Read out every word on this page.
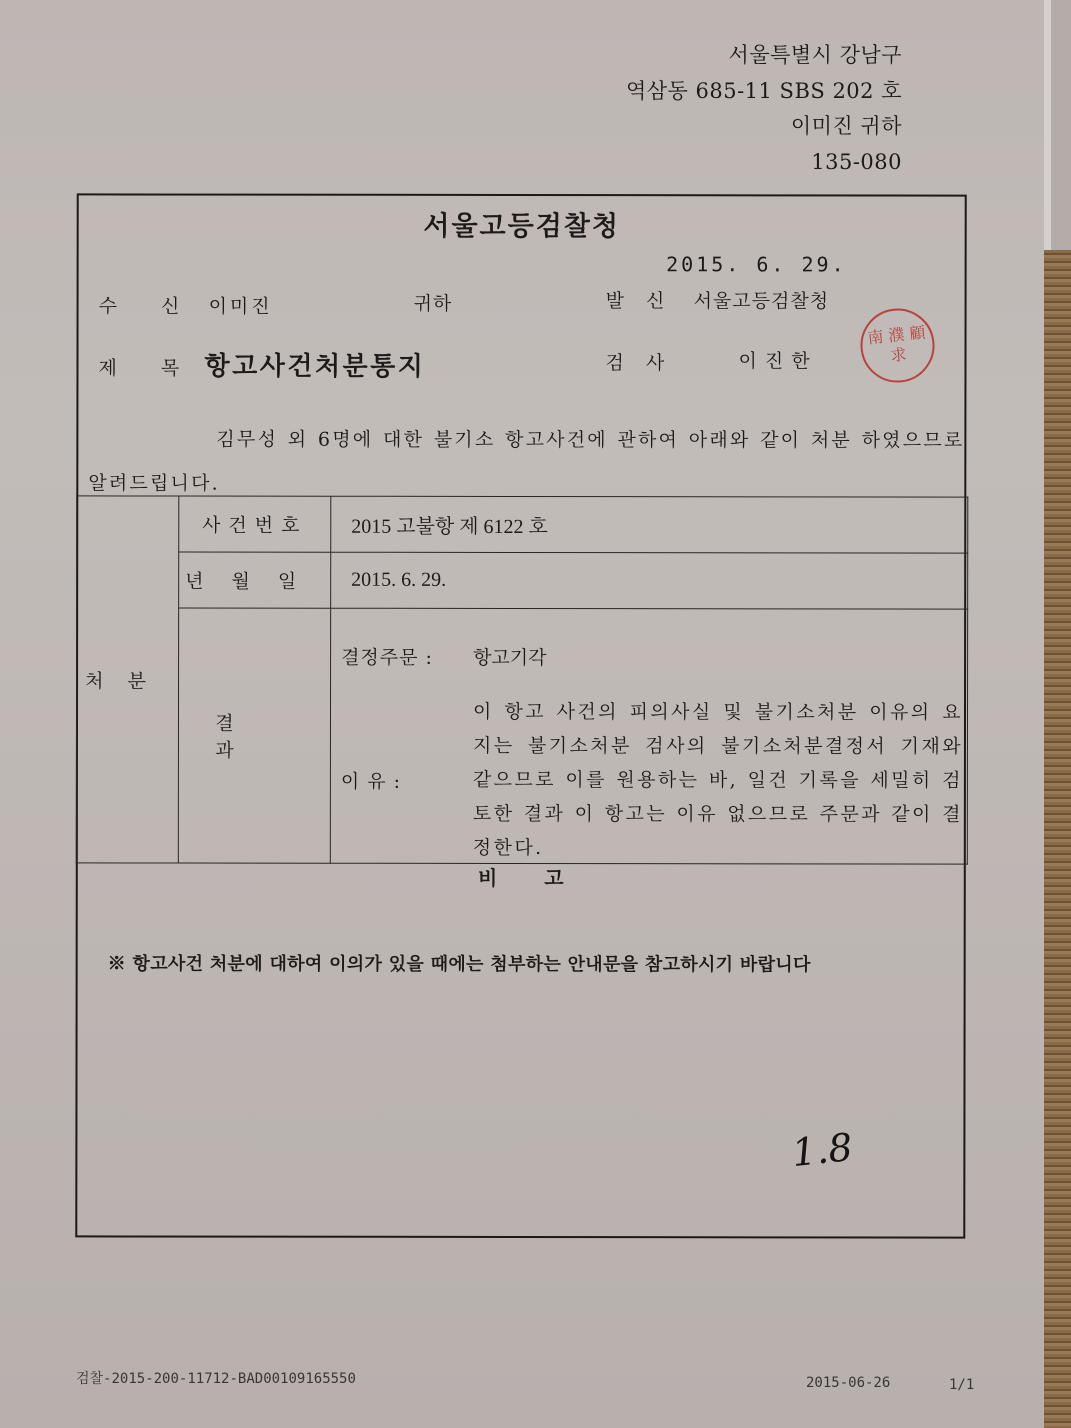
서울특별시 강남구
역삼동 685-11 SBS 202 호
이미진 귀하
135-080
서울고등검찰청
2015. 6. 29.
수 신 이미진	귀하	발 신 서울고등검찰청
제 목 항고사건처분통지	검 사	이진한
南 濮 顧 求
김무성 외 6명에 대한 불기소 항고사건에 관하여 아래와 같이 처분 하였으므로 알려드립니다.
처분	사건번호	2015 고불항 제 6122 호
	년월일	2015. 6. 29.
	결과	결정주문 : 항고기각
이 유 :
이 항고 사건의 피의사실 및 불기소처분 이유의 요지는 불기소처분 검사의 불기소처분결정서 기재와 같으므로 이를 원용하는 바, 일건 기록을 세밀히 검토한 결과 이 항고는 이유 없으므로 주문과 같이 결정한다.
비 고
※ 항고사건 처분에 대하여 이의가 있을 때에는 첨부하는 안내문을 참고하시기 바랍니다
1.8
검찰-2015-200-11712-BAD00109165550	2015-06-26	1/1
